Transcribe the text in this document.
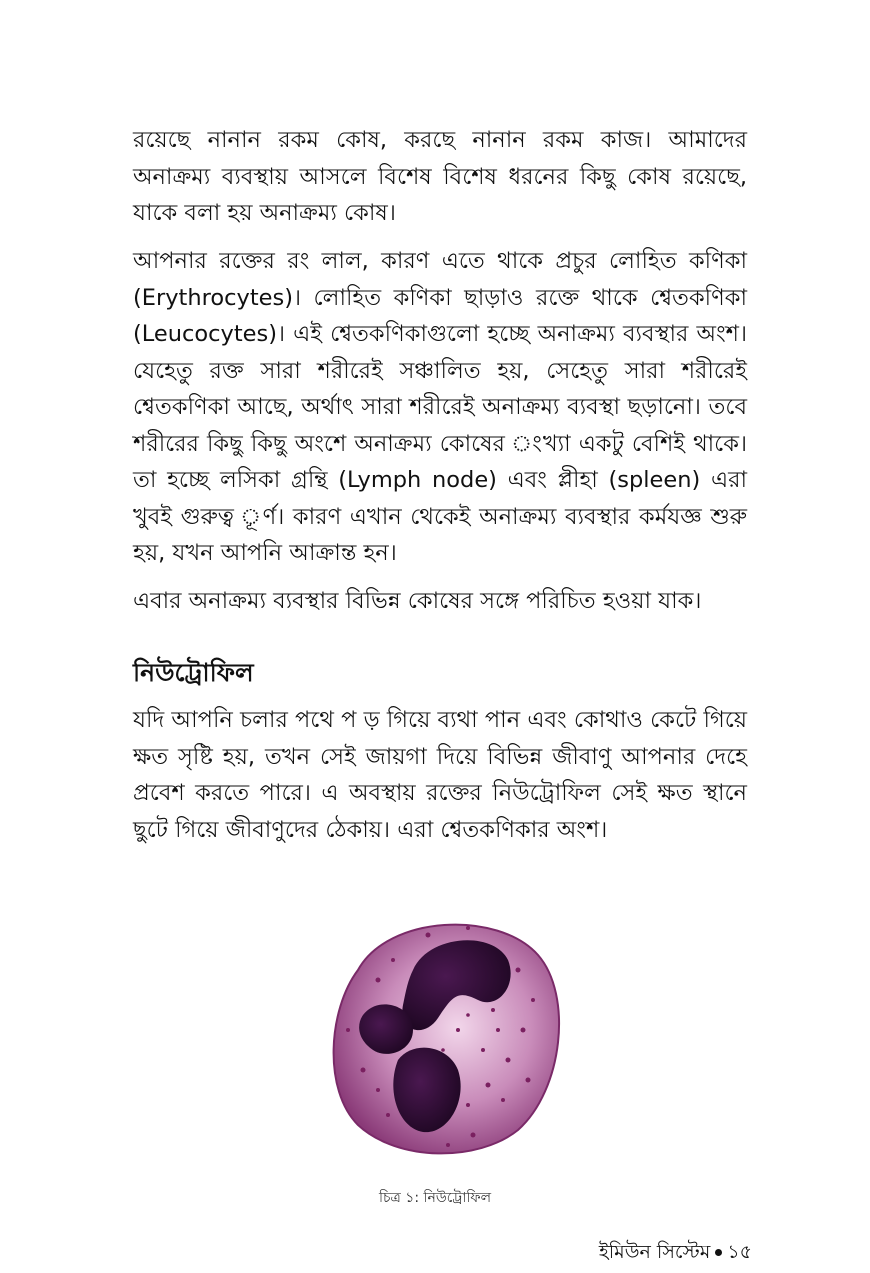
রয়েছে নানান রকম কোষ, করছে নানান রকম কাজ। আমাদের অনাক্রম্য ব্যবস্থায় আসলে বিশেষ বিশেষ ধরনের কিছু কোষ রয়েছে, যাকে বলা হয় অনাক্রম্য কোষ।

আপনার রক্তের রং লাল, কারণ এতে থাকে প্রচুর লোহিত কণিকা (Erythrocytes)। লোহিত কণিকা ছাড়াও রক্তে থাকে শ্বেতকণিকা (Leucocytes)। এই শ্বেতকণিকাগুলো হচ্ছে অনাক্রম্য ব্যবস্থার অংশ। যেহেতু রক্ত সারা শরীরেই সঞ্চালিত হয়, সেহেতু সারা শরীরেই শ্বেতকণিকা আছে, অর্থাৎ সারা শরীরেই অনাক্রম্য ব্যবস্থা ছড়ানো। তবে শরীরের কিছু কিছু অংশে অনাক্রম্য কোষের ংখ্যা একটু বেশিই থাকে। তা হচ্ছে লসিকা গ্রন্থি (Lymph node) এবং প্লীহা (spleen) এরা খুবই গুরুত্ব ূর্ণ। কারণ এখান থেকেই অনাক্রম্য ব্যবস্থার কর্মযজ্ঞ শুরু হয়, যখন আপনি আক্রান্ত হন।

এবার অনাক্রম্য ব্যবস্থার বিভিন্ন কোষের সঙ্গে পরিচিত হওয়া যাক।

নিউট্রোফিল

যদি আপনি চলার পথে প ড় গিয়ে ব্যথা পান এবং কোথাও কেটে গিয়ে ক্ষত সৃষ্টি হয়, তখন সেই জায়গা দিয়ে বিভিন্ন জীবাণু আপনার দেহে প্রবেশ করতে পারে। এ অবস্থায় রক্তের নিউট্রোফিল সেই ক্ষত স্থানে ছুটে গিয়ে জীবাণুদের ঠেকায়। এরা শ্বেতকণিকার অংশ।

চিত্র ১: নিউট্রোফিল

ইমিউন সিস্টেম ১৫
